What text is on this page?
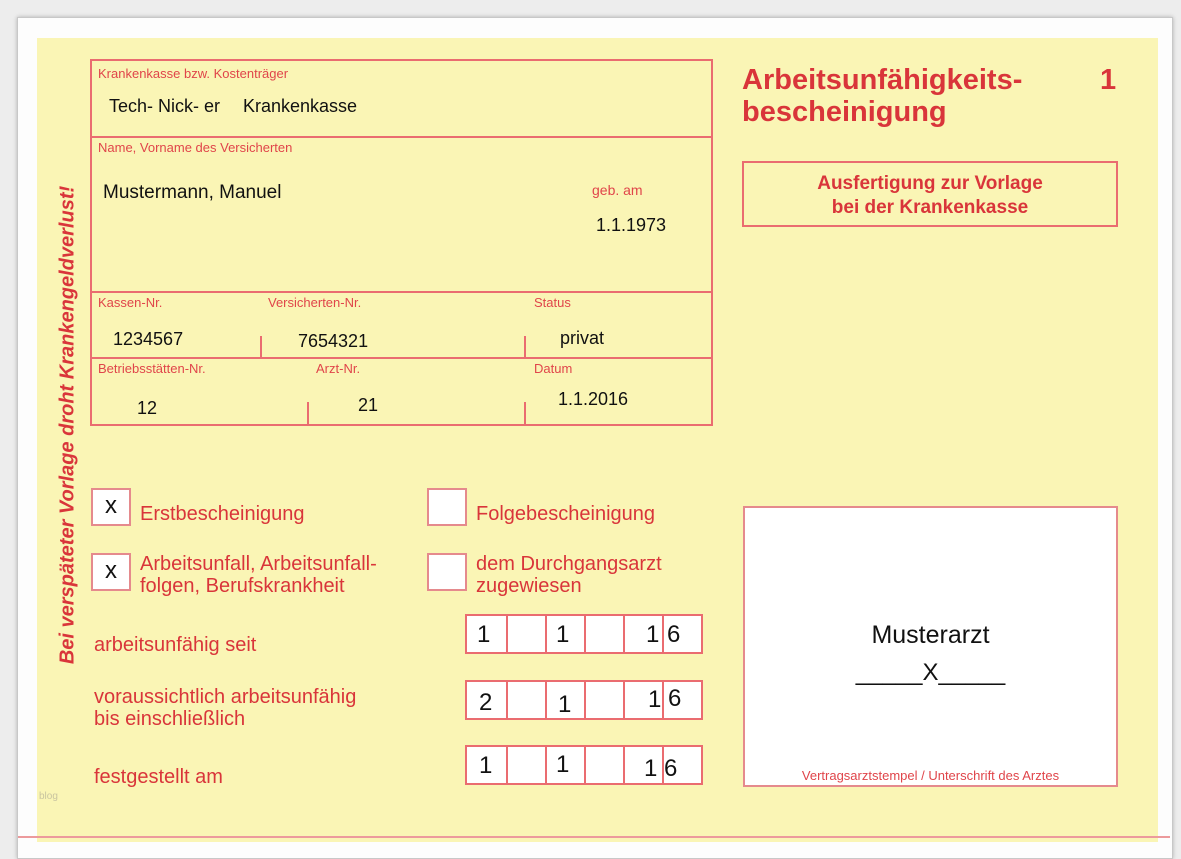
Bei verspäteter Vorlage droht Krankengeldverlust!
Arbeitsunfähigkeits-
bescheinigung
1
Ausfertigung zur Vorlage
bei der Krankenkasse
Krankenkasse bzw. Kostenträger
Tech- Nick- er Krankenkasse
Name, Vorname des Versicherten
Mustermann, Manuel	geb. am
1.1.1973
Kassen-Nr.	Versicherten-Nr.	Status
1234567	7654321	privat
Betriebsstätten-Nr.	Arzt-Nr.	Datum
12	21	1.1.2016
x	Erstbescheinigung	Folgebescheinigung
x	Arbeitsunfall, Arbeitsunfall-
folgen, Berufskrankheit
dem Durchgangsarzt
zugewiesen
arbeitsunfähig seit	1	1	1 6
voraussichtlich arbeitsunfähig
bis einschließlich
2	1	1 6
festgestellt am	1	1	1 6
Musterarzt
_____X_____
Vertragsarztstempel / Unterschrift des Arztes
blog
